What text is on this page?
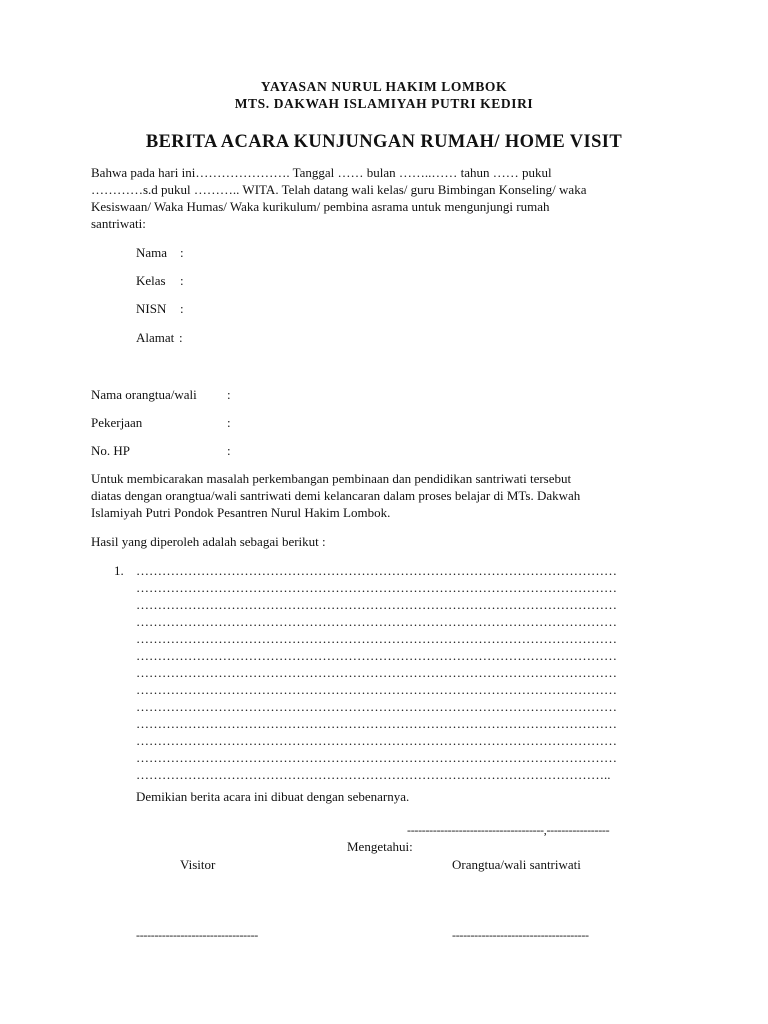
YAYASAN NURUL HAKIM LOMBOK
MTS. DAKWAH ISLAMIYAH PUTRI KEDIRI
BERITA ACARA KUNJUNGAN RUMAH/ HOME VISIT
Bahwa pada hari ini…………………. Tanggal …… bulan ……..…… tahun …… pukul
…………s.d pukul ……….. WITA. Telah datang wali kelas/ guru Bimbingan Konseling/ waka
Kesiswaan/ Waka Humas/ Waka kurikulum/ pembina asrama untuk mengunjungi rumah
santriwati:
Nama :
Kelas :
NISN :
Alamat :
Nama orangtua/wali :
Pekerjaan	:
No. HP	:
Untuk membicarakan masalah perkembangan pembinaan dan pendidikan santriwati tersebut
diatas dengan orangtua/wali santriwati demi kelancaran dalam proses belajar di MTs. Dakwah
Islamiyah Putri Pondok Pesantren Nurul Hakim Lombok.
Hasil yang diperoleh adalah sebagai berikut :
1. …………………………………………………………………………………………………
…………………………………………………………………………………………………
…………………………………………………………………………………………………
…………………………………………………………………………………………………
…………………………………………………………………………………………………
…………………………………………………………………………………………………
…………………………………………………………………………………………………
…………………………………………………………………………………………………
…………………………………………………………………………………………………
…………………………………………………………………………………………………
…………………………………………………………………………………………………
…………………………………………………………………………………………………
………………………………………………………………………………………………..
Demikian berita acara ini dibuat dengan sebenarnya.
-------------------------------------,-----------------
Mengetahui:
Visitor	Orangtua/wali santriwati
---------------------------------	-------------------------------------
